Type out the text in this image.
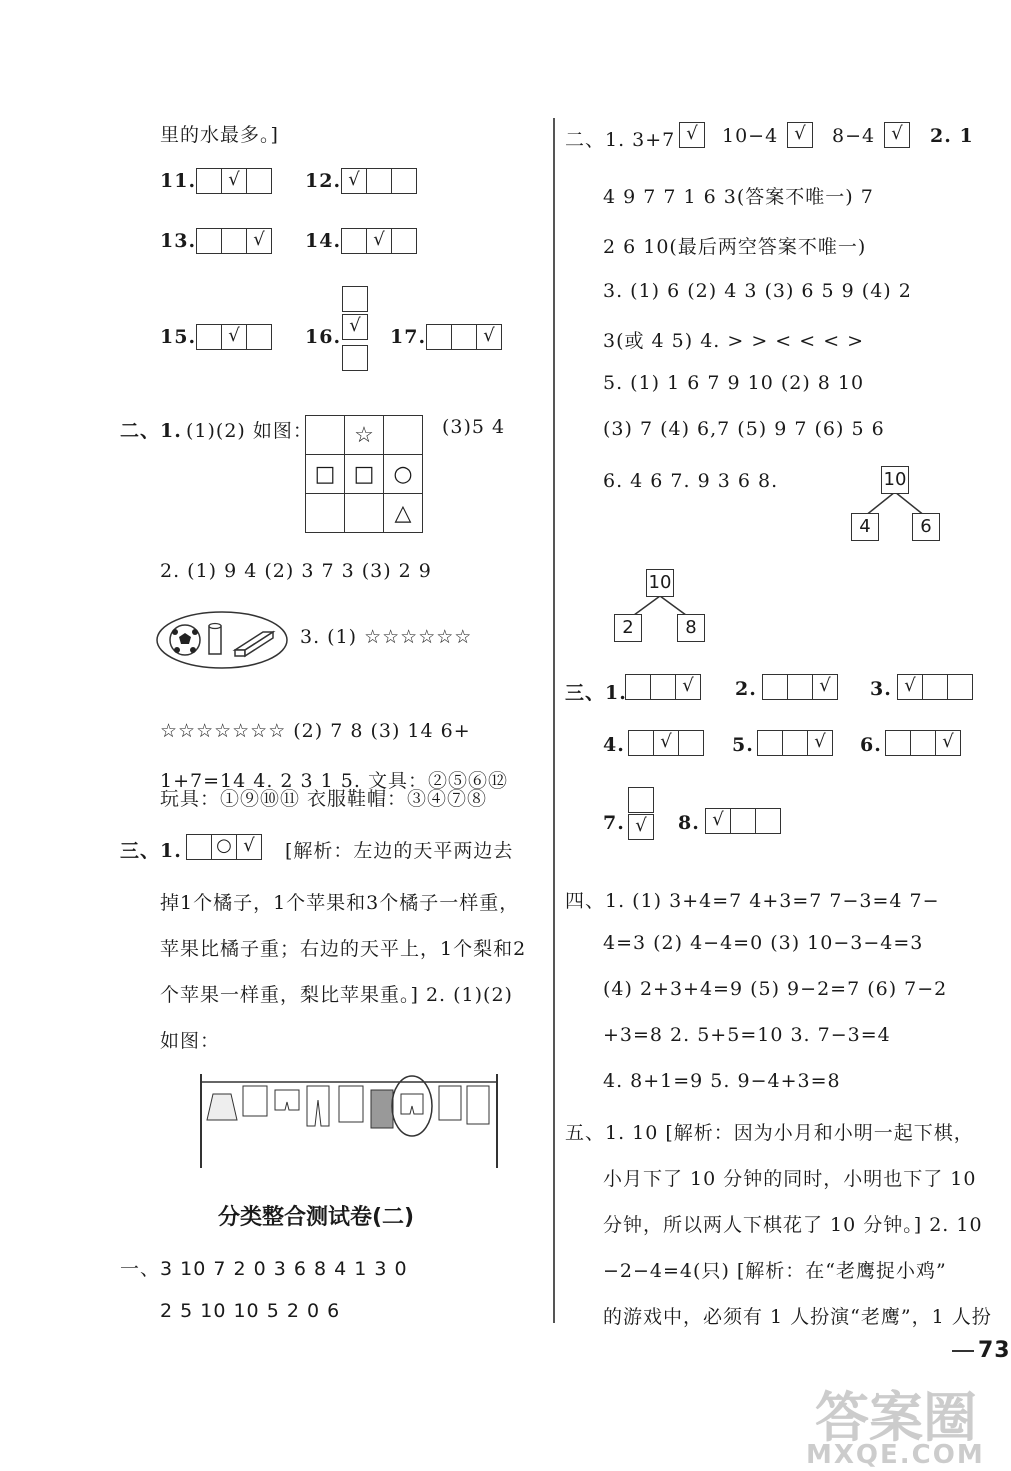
里的水最多。]
11.	√	12. √
13.	√	14.	√
15.	√	16.
√
17.	√
二、1. (1)(2) 如图：
	☆	
□	□	○
		△
(3)5 4
2. (1) 9 4 (2) 3 7 3 (3) 2 9
3. (1) ☆☆☆☆☆☆
☆☆☆☆☆☆☆ (2) 7 8 (3) 14 6+
1+7=14 4. 2 3 1 5. 文具：②⑤⑥⑫
玩具：①⑨⑩⑪ 衣服鞋帽：③④⑦⑧
三、1.	○ √	[解析：左边的天平两边去
掉1个橘子，1个苹果和3个橘子一样重，
苹果比橘子重；右边的天平上，1个梨和2
个苹果一样重，梨比苹果重。] 2. (1)(2)
如图：
分类整合测试卷(二)
一、3 10 7 2 0 3 6 8 4 1 3 0
2 5 10 10 5 2 0 6
二、1. 3+7 √	10−4 √	8−4 √	2. 1
4 9 7 7 1 6 3(答案不唯一) 7
2 6 10(最后两空答案不唯一)
3. (1) 6 (2) 4 3 (3) 6 5 9 (4) 2
3(或 4 5) 4. > > < < < >
5. (1) 1 6 7 9 10 (2) 8 10
(3) 7 (4) 6,7 (5) 9 7 (6) 5 6
6. 4 6 7. 9 3 6 8.	10
4	6
10
2	8
三、1.	√	2.	√	3. √
4.	√	5.	√	6.	√
7. √	8. √
四、1. (1) 3+4=7 4+3=7 7−3=4 7−
4=3 (2) 4−4=0 (3) 10−3−4=3
(4) 2+3+4=9 (5) 9−2=7 (6) 7−2
+3=8 2. 5+5=10 3. 7−3=4
4. 8+1=9 5. 9−4+3=8
五、1. 10 [解析：因为小月和小明一起下棋，
小月下了 10 分钟的同时，小明也下了 10
分钟，所以两人下棋花了 10 分钟。] 2. 10
−2−4=4(只) [解析：在“老鹰捉小鸡”
的游戏中，必须有 1 人扮演“老鹰”，1 人扮
73
答案圈
MXQE.COM
